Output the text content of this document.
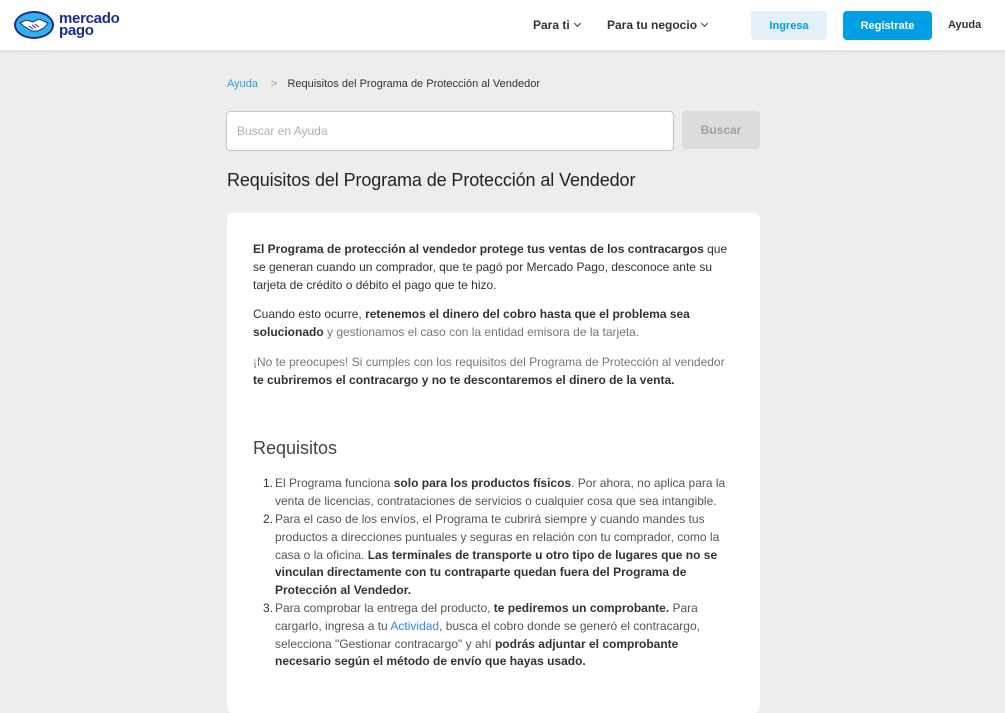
mercado
pago	Para ti	Para tu negocio	Ingresa	Regístrate	Ayuda
Ayuda > Requisitos del Programa de Protección al Vendedor
Buscar en Ayuda
Buscar
Requisitos del Programa de Protección al Vendedor

El Programa de protección al vendedor protege tus ventas de los contracargos que se generan cuando un comprador, que te pagó por Mercado Pago, desconoce ante su tarjeta de crédito o débito el pago que te hizo.

Cuando esto ocurre, retenemos el dinero del cobro hasta que el problema sea solucionado y gestionamos el caso con la entidad emisora de la tarjeta.

¡No te preocupes! Si cumples con los requisitos del Programa de Protección al vendedor te cubriremos el contracargo y no te descontaremos el dinero de la venta.

Requisitos
1. El Programa funciona solo para los productos físicos. Por ahora, no aplica para la venta de licencias, contrataciones de servicios o cualquier cosa que sea intangible.
2. Para el caso de los envíos, el Programa te cubrirá siempre y cuando mandes tus productos a direcciones puntuales y seguras en relación con tu comprador, como la casa o la oficina. Las terminales de transporte u otro tipo de lugares que no se vinculan directamente con tu contraparte quedan fuera del Programa de Protección al Vendedor.
3. Para comprobar la entrega del producto, te pediremos un comprobante. Para cargarlo, ingresa a tu Actividad, busca el cobro donde se generó el contracargo, selecciona "Gestionar contracargo" y ahí podrás adjuntar el comprobante necesario según el método de envío que hayas usado.
